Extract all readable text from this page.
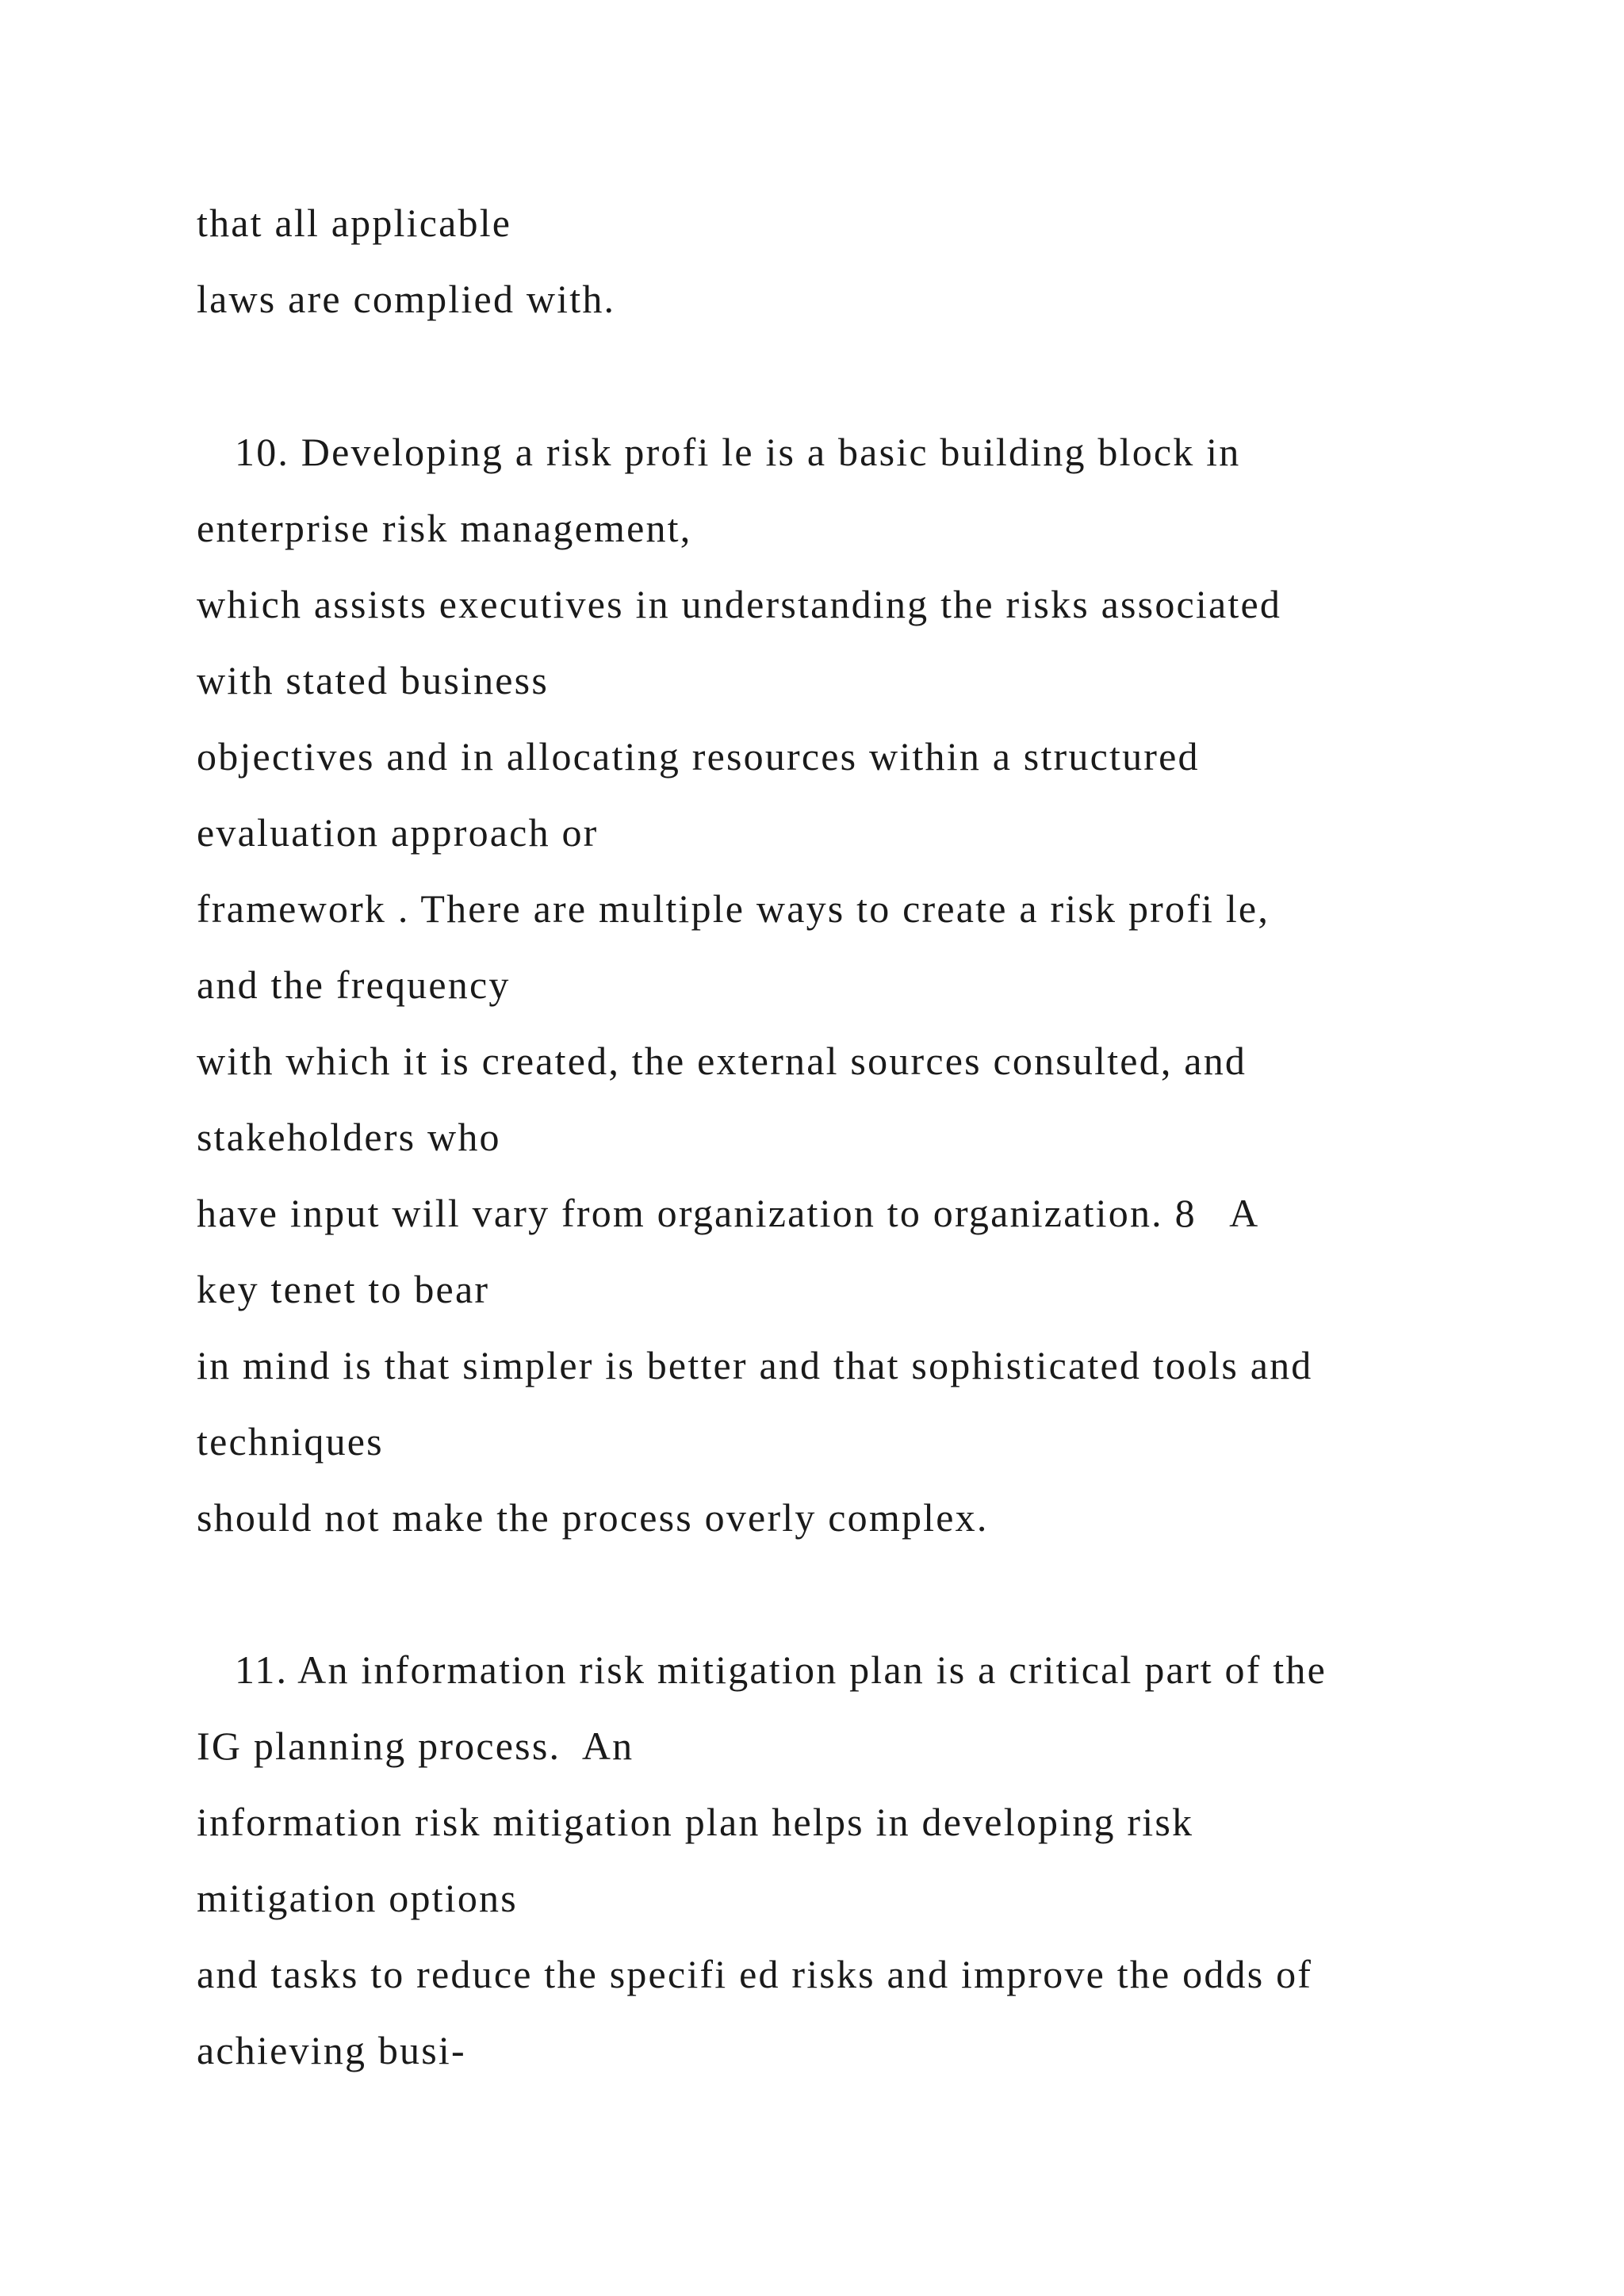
that all applicable
laws are complied with.
10. Developing a risk profi le is a basic building block in
enterprise risk management,
which assists executives in understanding the risks associated
with stated business
objectives and in allocating resources within a structured
evaluation approach or
framework . There are multiple ways to create a risk profi le,
and the frequency
with which it is created, the external sources consulted, and
stakeholders who
have input will vary from organization to organization. 8   A
key tenet to bear
in mind is that simpler is better and that sophisticated tools and
techniques
should not make the process overly complex.
11. An information risk mitigation plan is a critical part of the
IG planning process.  An
information risk mitigation plan helps in developing risk
mitigation options
and tasks to reduce the specifi ed risks and improve the odds of
achieving busi-
